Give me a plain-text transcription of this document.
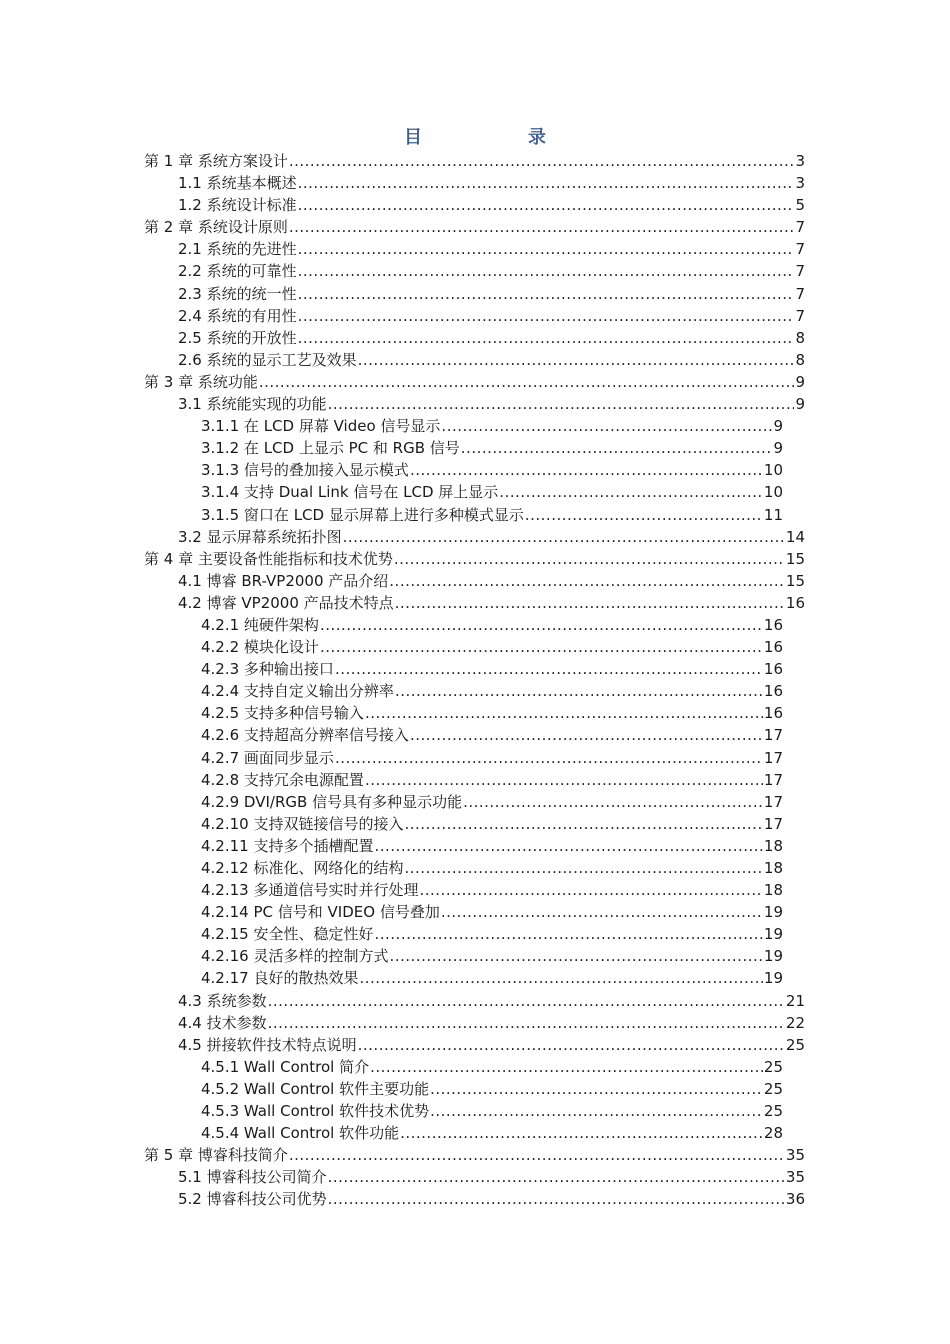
目　录
第 1 章 系统方案设计 .....	3
1.1 系统基本概述 .....	3
1.2 系统设计标准 .....	5
第 2 章 系统设计原则 .....	7
2.1 系统的先进性 .....	7
2.2 系统的可靠性 .....	7
2.3 系统的统一性 .....	7
2.4 系统的有用性 .....	7
2.5 系统的开放性 .....	8
2.6 系统的显示工艺及效果 .....	8
第 3 章 系统功能 .....	9
3.1 系统能实现的功能 .....	9
3.1.1 在 LCD 屏幕 Video 信号显示 .....	9
3.1.2 在 LCD 上显示 PC 和 RGB 信号 .....	9
3.1.3 信号的叠加接入显示模式 .....	10
3.1.4 支持 Dual Link 信号在 LCD 屏上显示 .....	10
3.1.5 窗口在 LCD 显示屏幕上进行多种模式显示 .....	11
3.2 显示屏幕系统拓扑图 .....	14
第 4 章 主要设备性能指标和技术优势 .....	15
4.1 博睿 BR-VP2000 产品介绍 .....	15
4.2 博睿 VP2000 产品技术特点 .....	16
4.2.1 纯硬件架构 .....	16
4.2.2 模块化设计 .....	16
4.2.3 多种输出接口 .....	16
4.2.4 支持自定义输出分辨率 .....	16
4.2.5 支持多种信号输入 .....	16
4.2.6 支持超高分辨率信号接入 .....	17
4.2.7 画面同步显示 .....	17
4.2.8 支持冗余电源配置 .....	17
4.2.9 DVI/RGB 信号具有多种显示功能 .....	17
4.2.10 支持双链接信号的接入 .....	17
4.2.11 支持多个插槽配置 .....	18
4.2.12 标准化、网络化的结构 .....	18
4.2.13 多通道信号实时并行处理 .....	18
4.2.14 PC 信号和 VIDEO 信号叠加 .....	19
4.2.15 安全性、稳定性好 .....	19
4.2.16 灵活多样的控制方式 .....	19
4.2.17 良好的散热效果 .....	19
4.3 系统参数 .....	21
4.4 技术参数 .....	22
4.5 拼接软件技术特点说明 .....	25
4.5.1 Wall Control 简介 .....	25
4.5.2 Wall Control 软件主要功能 .....	25
4.5.3 Wall Control 软件技术优势 .....	25
4.5.4 Wall Control 软件功能 .....	28
第 5 章 博睿科技简介 .....	35
5.1 博睿科技公司简介 .....	35
5.2 博睿科技公司优势 .....	36
